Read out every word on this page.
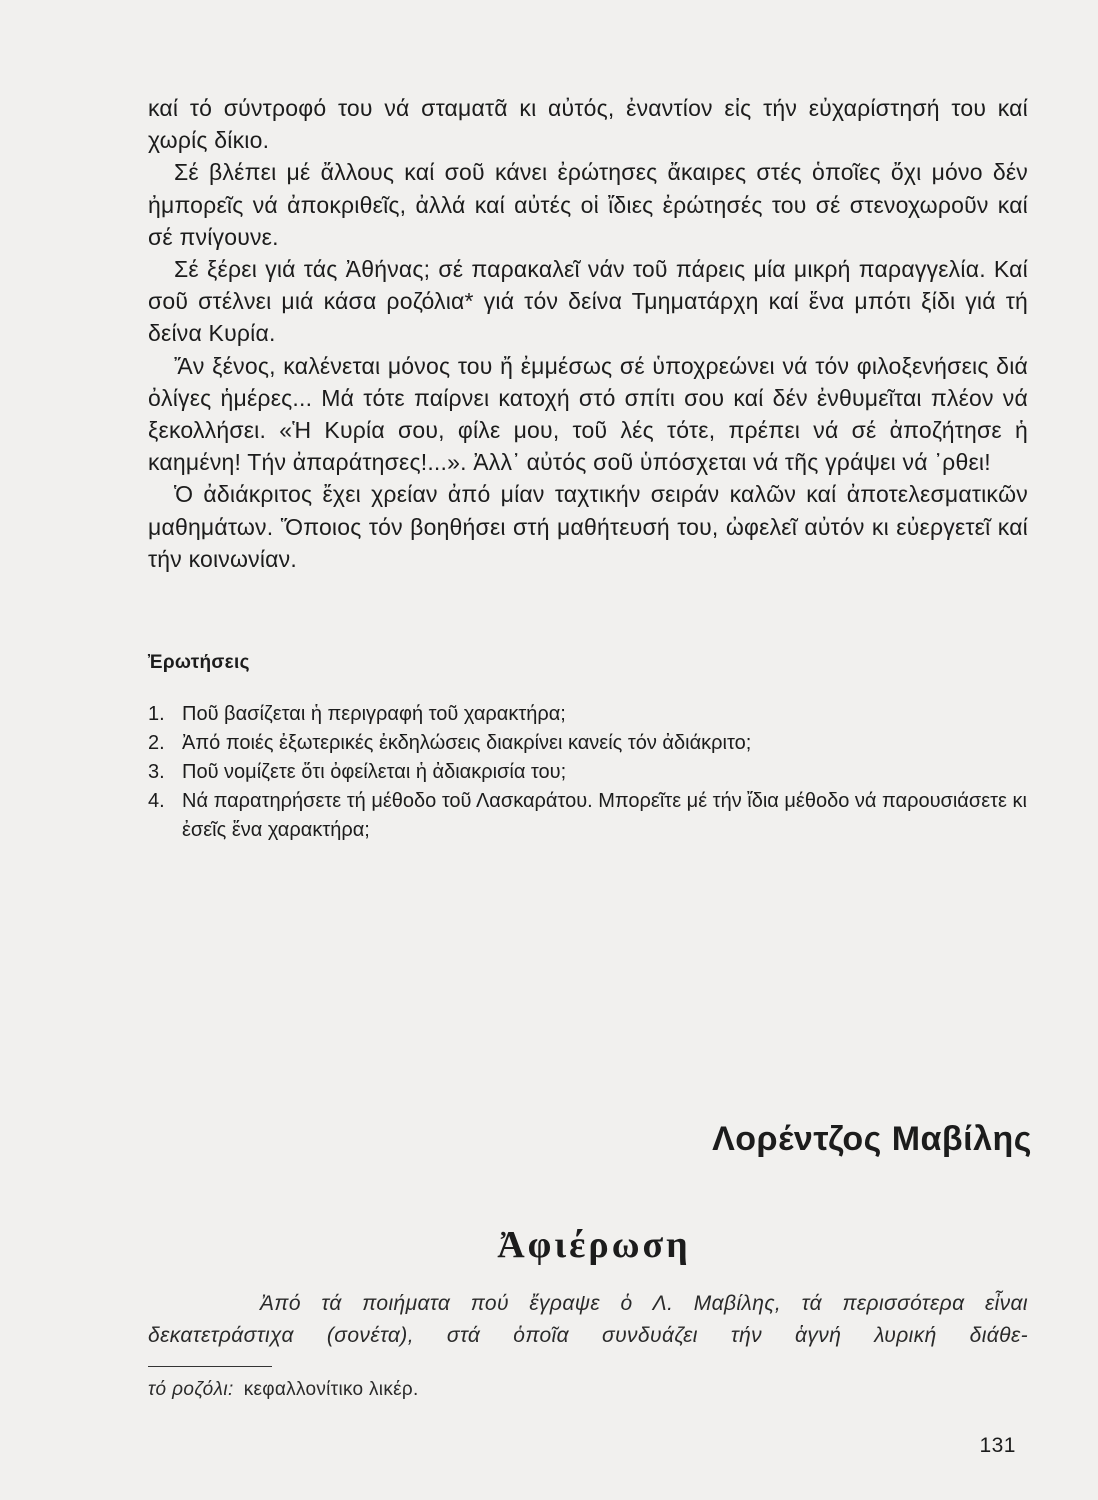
καί τό σύντροφό του νά σταματᾶ κι αὐτός, ἐναντίον εἰς τήν εὐχαρίστησή του καί χωρίς δίκιο.

Σέ βλέπει μέ ἄλλους καί σοῦ κάνει ἐρώτησες ἄκαιρες στές ὁποῖες ὄχι μόνο δέν ἠμπορεῖς νά ἀποκριθεῖς, ἀλλά καί αὐτές οἱ ἴδιες ἐρώτησές του σέ στενοχωροῦν καί σέ πνίγουνε.

Σέ ξέρει γιά τάς Ἀθήνας; σέ παρακαλεῖ νάν τοῦ πάρεις μία μικρή παραγγελία. Καί σοῦ στέλνει μιά κάσα ροζόλια* γιά τόν δείνα Τμηματάρχη καί ἕνα μπότι ξίδι γιά τή δείνα Κυρία.

Ἄν ξένος, καλένεται μόνος του ἤ ἐμμέσως σέ ὑποχρεώνει νά τόν φιλοξενήσεις διά ὀλίγες ἡμέρες... Μά τότε παίρνει κατοχή στό σπίτι σου καί δέν ἐνθυμεῖται πλέον νά ξεκολλήσει. «Ἡ Κυρία σου, φίλε μου, τοῦ λές τότε, πρέπει νά σέ ἀποζήτησε ἡ καημένη! Τήν ἀπαράτησες!...». Ἀλλ᾽ αὐτός σοῦ ὑπόσχεται νά τῆς γράψει νά ᾽ρθει!

Ὁ ἀδιάκριτος ἔχει χρείαν ἀπό μίαν ταχτικήν σειράν καλῶν καί ἀποτελεσματικῶν μαθημάτων. Ὅποιος τόν βοηθήσει στή μαθήτευσή του, ὠφελεῖ αὐτόν κι εὐεργετεῖ καί τήν κοινωνίαν.

Ἐρωτήσεις
1. Ποῦ βασίζεται ἡ περιγραφή τοῦ χαρακτήρα;
2. Ἀπό ποιές ἐξωτερικές ἐκδηλώσεις διακρίνει κανείς τόν ἀδιάκριτο;
3. Ποῦ νομίζετε ὅτι ὀφείλεται ἡ ἀδιακρισία του;
4. Νά παρατηρήσετε τή μέθοδο τοῦ Λασκαράτου. Μπορεῖτε μέ τήν ἴδια μέθοδο νά παρουσιάσετε κι ἐσεῖς ἕνα χαρακτήρα;
Λορέντζος Μαβίλης
Ἀφιέρωση

Ἀπό τά ποιήματα πού ἔγραψε ὁ Λ. Μαβίλης, τά περισσότερα εἶναι δεκατετράστιχα (σονέτα), στά ὁποῖα συνδυάζει τήν ἁγνή λυρική διάθε-

τό ροζόλι: κεφαλλονίτικο λικέρ.
131
